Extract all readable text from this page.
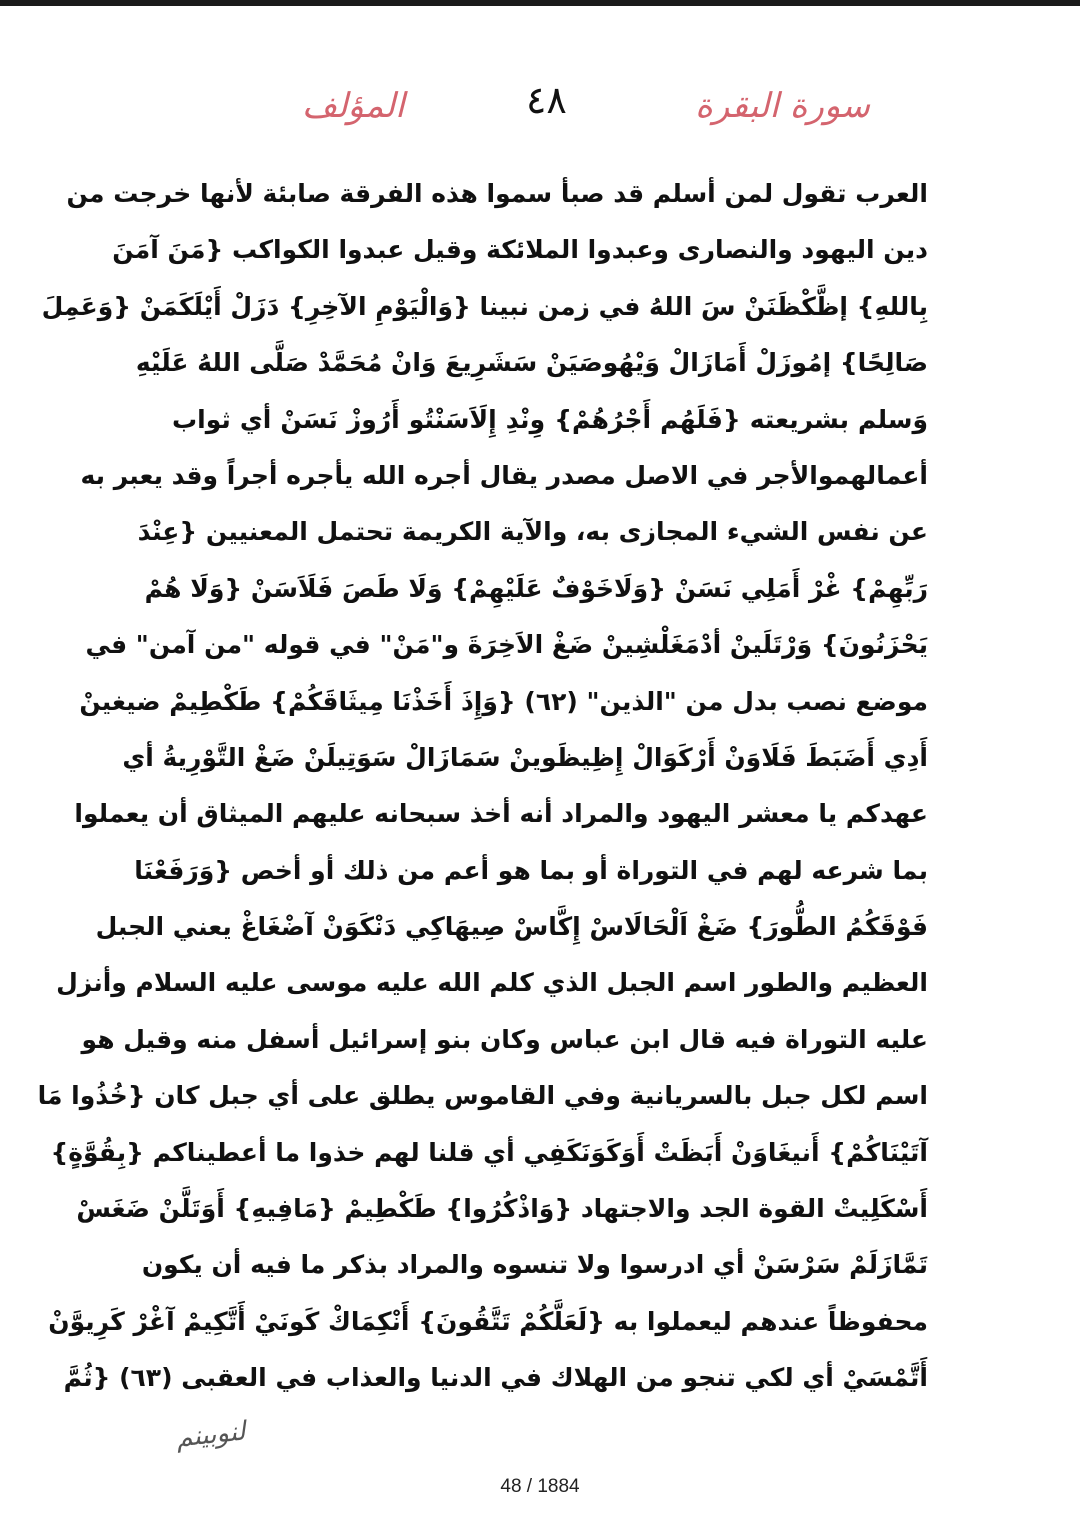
سورة البقرة
٤٨
المؤلف
العرب تقول لمن أسلم قد صبأ سموا هذه الفرقة صابئة لأنها خرجت من
دين اليهود والنصارى وعبدوا الملائكة وقيل عبدوا الكواكب {مَنَ آمَنَ
بِاللهِ} إظَّكْظَنَنْ سَ اللهُ في زمن نبينا {وَالْيَوْمِ الآخِرِ} دَزَلْ أَيْلَكَمَنْ {وَعَمِلَ
صَالِحًا} إمُوزَلْ أَمَازَالْ وَيْهُوصَيَنْ سَشَرِيعَ وَانْ مُحَمَّدْ صَلَّى اللهُ عَلَيْهِ
وَسلم بشريعته {فَلَهُم أَجْرُهُمْ} وِنْدِ إِلَاَسَنْتُو أَرُوزْ نَسَنْ أي ثواب
أعمالهموالأجر في الاصل مصدر يقال أجره الله يأجره أجراً وقد يعبر به
عن نفس الشيء المجازى به، والآية الكريمة تحتمل المعنيين {عِنْدَ
رَبِّهِمْ} غْرْ أَمَلِي نَسَنْ {وَلَاخَوْفٌ عَلَيْهِمْ} وَلَا طَصَ فَلَاَسَنْ {وَلَا هُمْ
يَحْزَنُونَ} وَرْتَلَينْ أدْمَغَلْشِينْ ضَغْ الاَخِرَةَ و"مَنْ" في قوله "من آمن" في
موضع نصب بدل من "الذين" (٦٢) {وَإِذَ أَخَذْنَا مِيثَاقَكُمْ} طَكْطِيمْ ضيغينْ
أَدِي أَضَبَطَ فَلَاوَنْ أَرْكَوَالْ إِظِيظَوينْ سَمَازَالْ سَوَتِيلَنْ ضَغْ التَّوْرِيةُ أي
عهدكم يا معشر اليهود والمراد أنه أخذ سبحانه عليهم الميثاق أن يعملوا
بما شرعه لهم في التوراة أو بما هو أعم من ذلك أو أخص {وَرَفَعْنَا
فَوْقَكُمُ الطُّورَ} ضَغْ اَلْحَالَاسْ إِكَّاسْ صِيهَاكِي دَنْكَوَنْ آضْغَاغْ يعني الجبل
العظيم والطور اسم الجبل الذي كلم الله عليه موسى عليه السلام وأنزل
عليه التوراة فيه قال ابن عباس وكان بنو إسرائيل أسفل منه وقيل هو
اسم لكل جبل بالسريانية وفي القاموس يطلق على أي جبل كان {خُذُوا مَا
آتَيْنَاكُمْ} أَنيغَاوَنْ أَبَظَتْ أَوَكَوَنَكَفِي أي قلنا لهم خذوا ما أعطيناكم {بِقُوَّةٍ}
أَسْكَلِيتْ القوة الجد والاجتهاد {وَاذْكُرُوا} طَكْطِيمْ {مَافِيهِ} أَوَتَلَّنْ ضَغَسْ
تَمَّازَلَمْ سَرْسَنْ أي ادرسوا ولا تنسوه والمراد بذكر ما فيه أن يكون
محفوظاً عندهم ليعملوا به {لَعَلَّكُمْ تَتَّقُونَ} أَنْكِمَاكْ كَونَيْ أَتَّكِيمْ آغْرْ كَرِيوَّنْ
أَتَّمْسَيْ أي لكي تنجو من الهلاك في الدنيا والعذاب في العقبى (٦٣) {ثُمَّ
لنوبينم
48 / 1884
